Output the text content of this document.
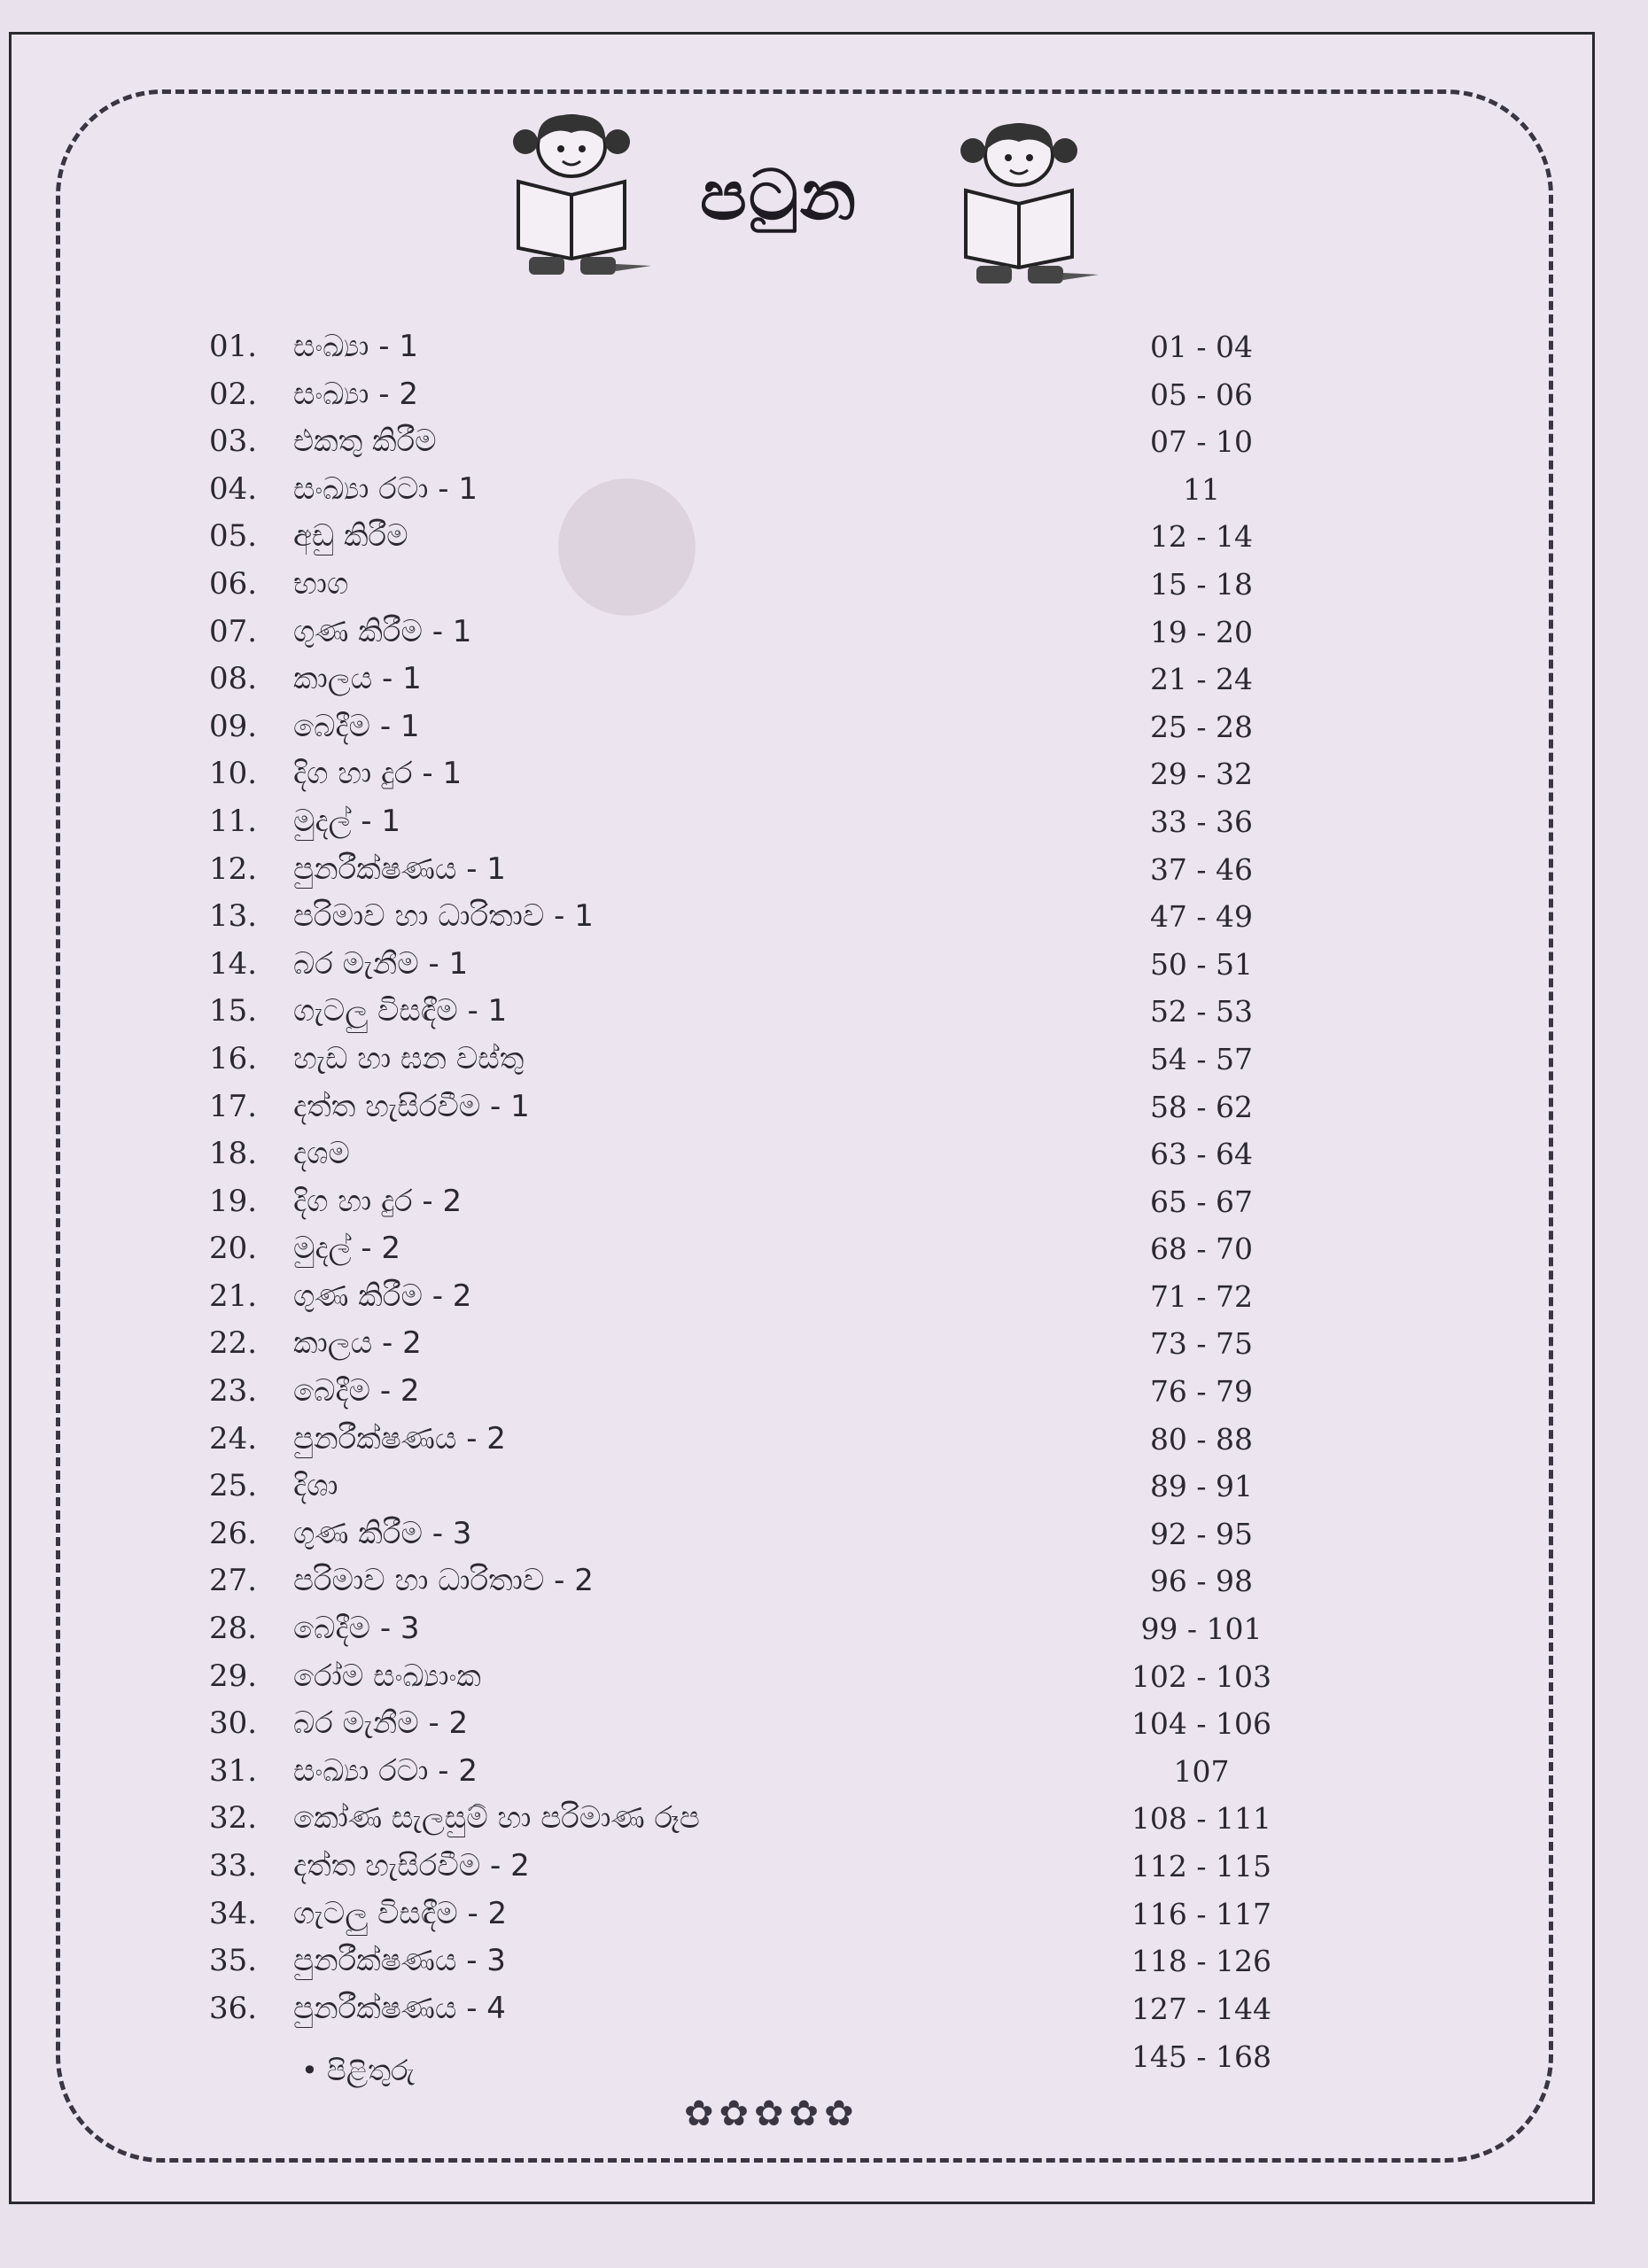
පටුන
01.	සංඛ්‍යා - 1	01 - 04
02.	සංඛ්‍යා - 2	05 - 06
03.	එකතු කිරීම	07 - 10
04.	සංඛ්‍යා රටා - 1	11
05.	අඩු කිරීම	12 - 14
06.	භාග	15 - 18
07.	ගුණ කිරීම - 1	19 - 20
08.	කාලය - 1	21 - 24
09.	බෙදීම - 1	25 - 28
10.	දිග හා දුර - 1	29 - 32
11.	මුදල් - 1	33 - 36
12.	පුනරීක්ෂණය - 1	37 - 46
13.	පරිමාව හා ධාරිතාව - 1	47 - 49
14.	බර මැනීම - 1	50 - 51
15.	ගැටලු විසඳීම - 1	52 - 53
16.	හැඩ හා ඝන වස්තු	54 - 57
17.	දත්ත හැසිරවීම - 1	58 - 62
18.	දශම	63 - 64
19.	දිග හා දුර - 2	65 - 67
20.	මුදල් - 2	68 - 70
21.	ගුණ කිරීම - 2	71 - 72
22.	කාලය - 2	73 - 75
23.	බෙදීම - 2	76 - 79
24.	පුනරීක්ෂණය - 2	80 - 88
25.	දිශා	89 - 91
26.	ගුණ කිරීම - 3	92 - 95
27.	පරිමාව හා ධාරිතාව - 2	96 - 98
28.	බෙදීම - 3	99 - 101
29.	රෝම සංඛ්‍යාංක	102 - 103
30.	බර මැනීම - 2	104 - 106
31.	සංඛ්‍යා රටා - 2	107
32.	කෝණ සැලසුම් හා පරිමාණ රූප	108 - 111
33.	දත්ත හැසිරවීම - 2	112 - 115
34.	ගැටලු විසඳීම - 2	116 - 117
35.	පුනරීක්ෂණය - 3	118 - 126
36.	පුනරීක්ෂණය - 4	127 - 144
• පිළිතුරු	145 - 168
✿✿✿✿✿
